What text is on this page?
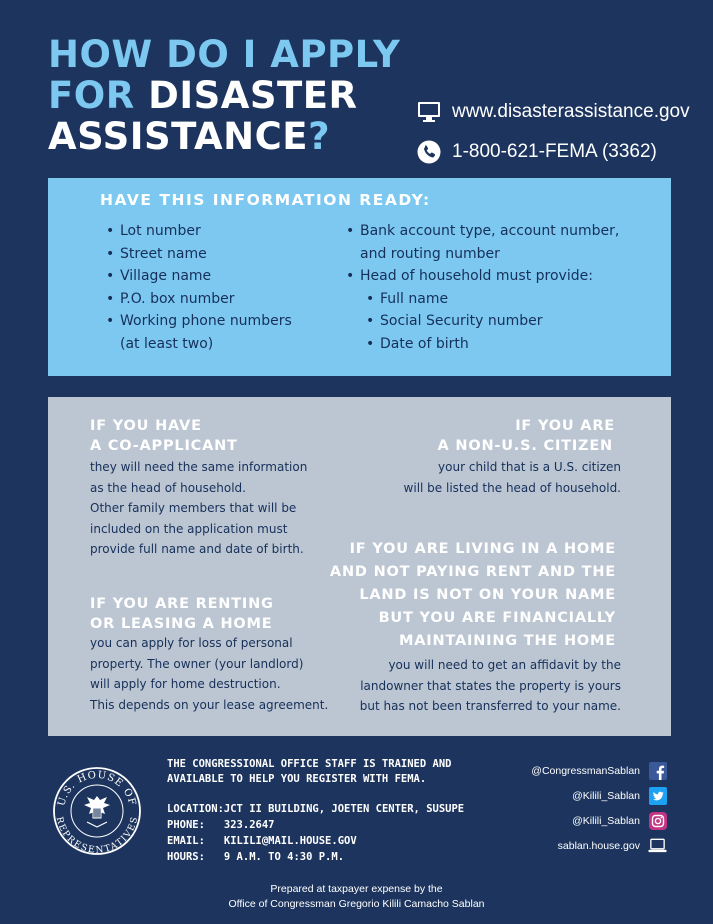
HOW DO I APPLY
FOR DISASTER
ASSISTANCE?
www.disasterassistance.gov
1-800-621-FEMA (3362)
HAVE THIS INFORMATION READY:
• Lot number
• Street name
• Village name
• P.O. box number
• Working phone numbers
(at least two)
• Bank account type, account number,
and routing number
• Head of household must provide:
• Full name
• Social Security number
• Date of birth
IF YOU HAVE
A CO-APPLICANT
they will need the same information
as the head of household.
Other family members that will be
included on the application must
provide full name and date of birth.
IF YOU ARE RENTING
OR LEASING A HOME
you can apply for loss of personal
property. The owner (your landlord)
will apply for home destruction.
This depends on your lease agreement.
IF YOU ARE
A NON-U.S. CITIZEN
your child that is a U.S. citizen
will be listed the head of household.
IF YOU ARE LIVING IN A HOME
AND NOT PAYING RENT AND THE
LAND IS NOT ON YOUR NAME
BUT YOU ARE FINANCIALLY
MAINTAINING THE HOME
you will need to get an affidavit by the
landowner that states the property is yours
but has not been transferred to your name.
U.S. HOUSE OF
REPRESENTATIVES
THE CONGRESSIONAL OFFICE STAFF IS TRAINED AND
AVAILABLE TO HELP YOU REGISTER WITH FEMA.
LOCATION:	JCT II BUILDING, JOETEN CENTER, SUSUPE
PHONE:	323.2647
EMAIL:	KILILI@MAIL.HOUSE.GOV
HOURS:	9 A.M. TO 4:30 P.M.
@CongressmanSablan
@Kilili_Sablan
@Kilili_Sablan
sablan.house.gov
Prepared at taxpayer expense by the
Office of Congressman Gregorio Kilili Camacho Sablan
